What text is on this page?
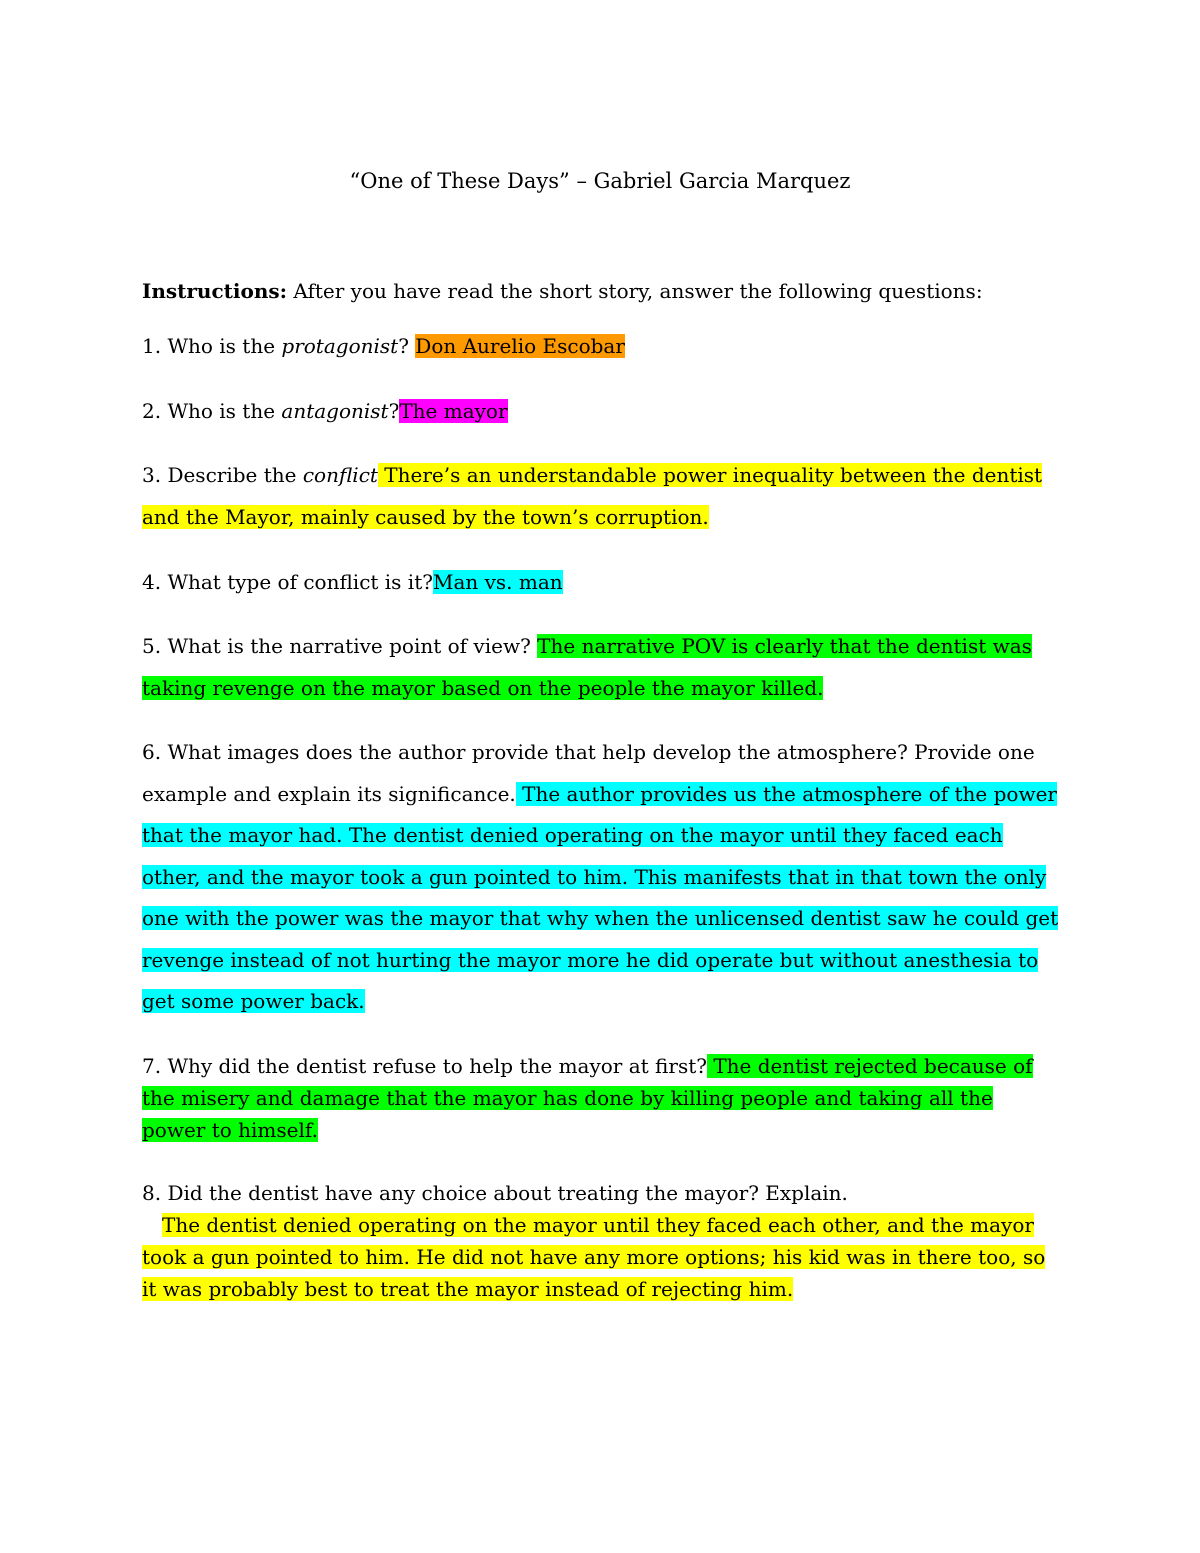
“One of These Days” – Gabriel Garcia Marquez
Instructions: After you have read the short story, answer the following questions:
1. Who is the protagonist? Don Aurelio Escobar
2. Who is the antagonist?The mayor
3. Describe the conflict There’s an understandable power inequality between the dentist and the Mayor, mainly caused by the town’s corruption.
4. What type of conflict is it?Man vs. man
5. What is the narrative point of view? The narrative POV is clearly that the dentist was taking revenge on the mayor based on the people the mayor killed.
6. What images does the author provide that help develop the atmosphere? Provide one example and explain its significance. The author provides us the atmosphere of the power that the mayor had. The dentist denied operating on the mayor until they faced each other, and the mayor took a gun pointed to him. This manifests that in that town the only one with the power was the mayor that why when the unlicensed dentist saw he could get revenge instead of not hurting the mayor more he did operate but without anesthesia to get some power back.
7. Why did the dentist refuse to help the mayor at first? The dentist rejected because of the misery and damage that the mayor has done by killing people and taking all the power to himself.
8. Did the dentist have any choice about treating the mayor? Explain.
The dentist denied operating on the mayor until they faced each other, and the mayor took a gun pointed to him. He did not have any more options; his kid was in there too, so it was probably best to treat the mayor instead of rejecting him.
